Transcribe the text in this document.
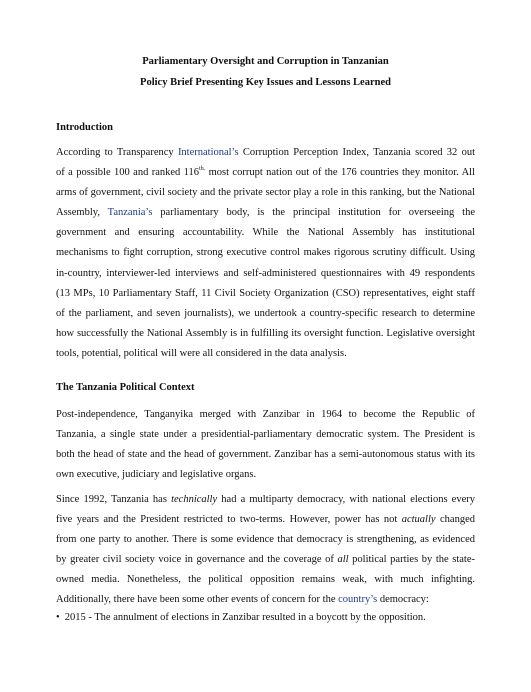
Parliamentary Oversight and Corruption in Tanzanian
Policy Brief Presenting Key Issues and Lessons Learned
Introduction
According to Transparency International’s Corruption Perception Index, Tanzania scored 32 out
of a possible 100 and ranked $116^{th.}$ most corrupt nation out of the 176 countries they monitor. All
arms of government, civil society and the private sector play a role in this ranking, but the National
Assembly, Tanzania’s parliamentary body, is the principal institution for overseeing the
government and ensuring accountability. While the National Assembly has institutional
mechanisms to fight corruption, strong executive control makes rigorous scrutiny difficult. Using
in-country, interviewer-led interviews and self-administered questionnaires with 49 respondents
(13 MPs, 10 Parliamentary Staff, 11 Civil Society Organization (CSO) representatives, eight staff
of the parliament, and seven journalists), we undertook a country-specific research to determine
how successfully the National Assembly is in fulfilling its oversight function. Legislative oversight
tools, potential, political will were all considered in the data analysis.
The Tanzania Political Context
Post-independence, Tanganyika merged with Zanzibar in 1964 to become the Republic of
Tanzania, a single state under a presidential-parliamentary democratic system. The President is
both the head of state and the head of government. Zanzibar has a semi-autonomous status with its
own executive, judiciary and legislative organs.
Since 1992, Tanzania has technically had a multiparty democracy, with national elections every
five years and the President restricted to two-terms. However, power has not actually changed
from one party to another. There is some evidence that democracy is strengthening, as evidenced
by greater civil society voice in governance and the coverage of all political parties by the state-
owned media. Nonetheless, the political opposition remains weak, with much infighting.
Additionally, there have been some other events of concern for the country’s democracy:
• 2015 - The annulment of elections in Zanzibar resulted in a boycott by the opposition.
